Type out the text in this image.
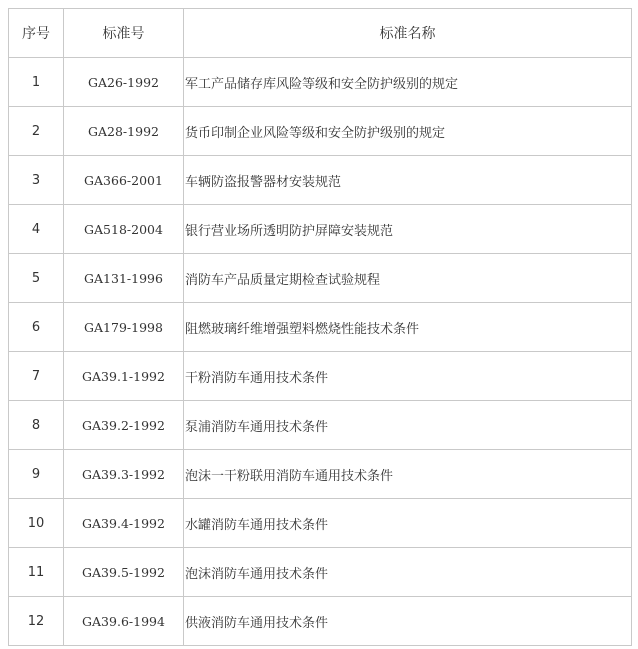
序号	标准号	标准名称
1	GA26-1992	军工产品储存库风险等级和安全防护级别的规定
2	GA28-1992	货币印制企业风险等级和安全防护级别的规定
3	GA366-2001	车辆防盗报警器材安装规范
4	GA518-2004	银行营业场所透明防护屏障安装规范
5	GA131-1996	消防车产品质量定期检查试验规程
6	GA179-1998	阻燃玻璃纤维增强塑料燃烧性能技术条件
7	GA39.1-1992	干粉消防车通用技术条件
8	GA39.2-1992	泵浦消防车通用技术条件
9	GA39.3-1992	泡沫一干粉联用消防车通用技术条件
10	GA39.4-1992	水罐消防车通用技术条件
11	GA39.5-1992	泡沫消防车通用技术条件
12	GA39.6-1994	供液消防车通用技术条件
